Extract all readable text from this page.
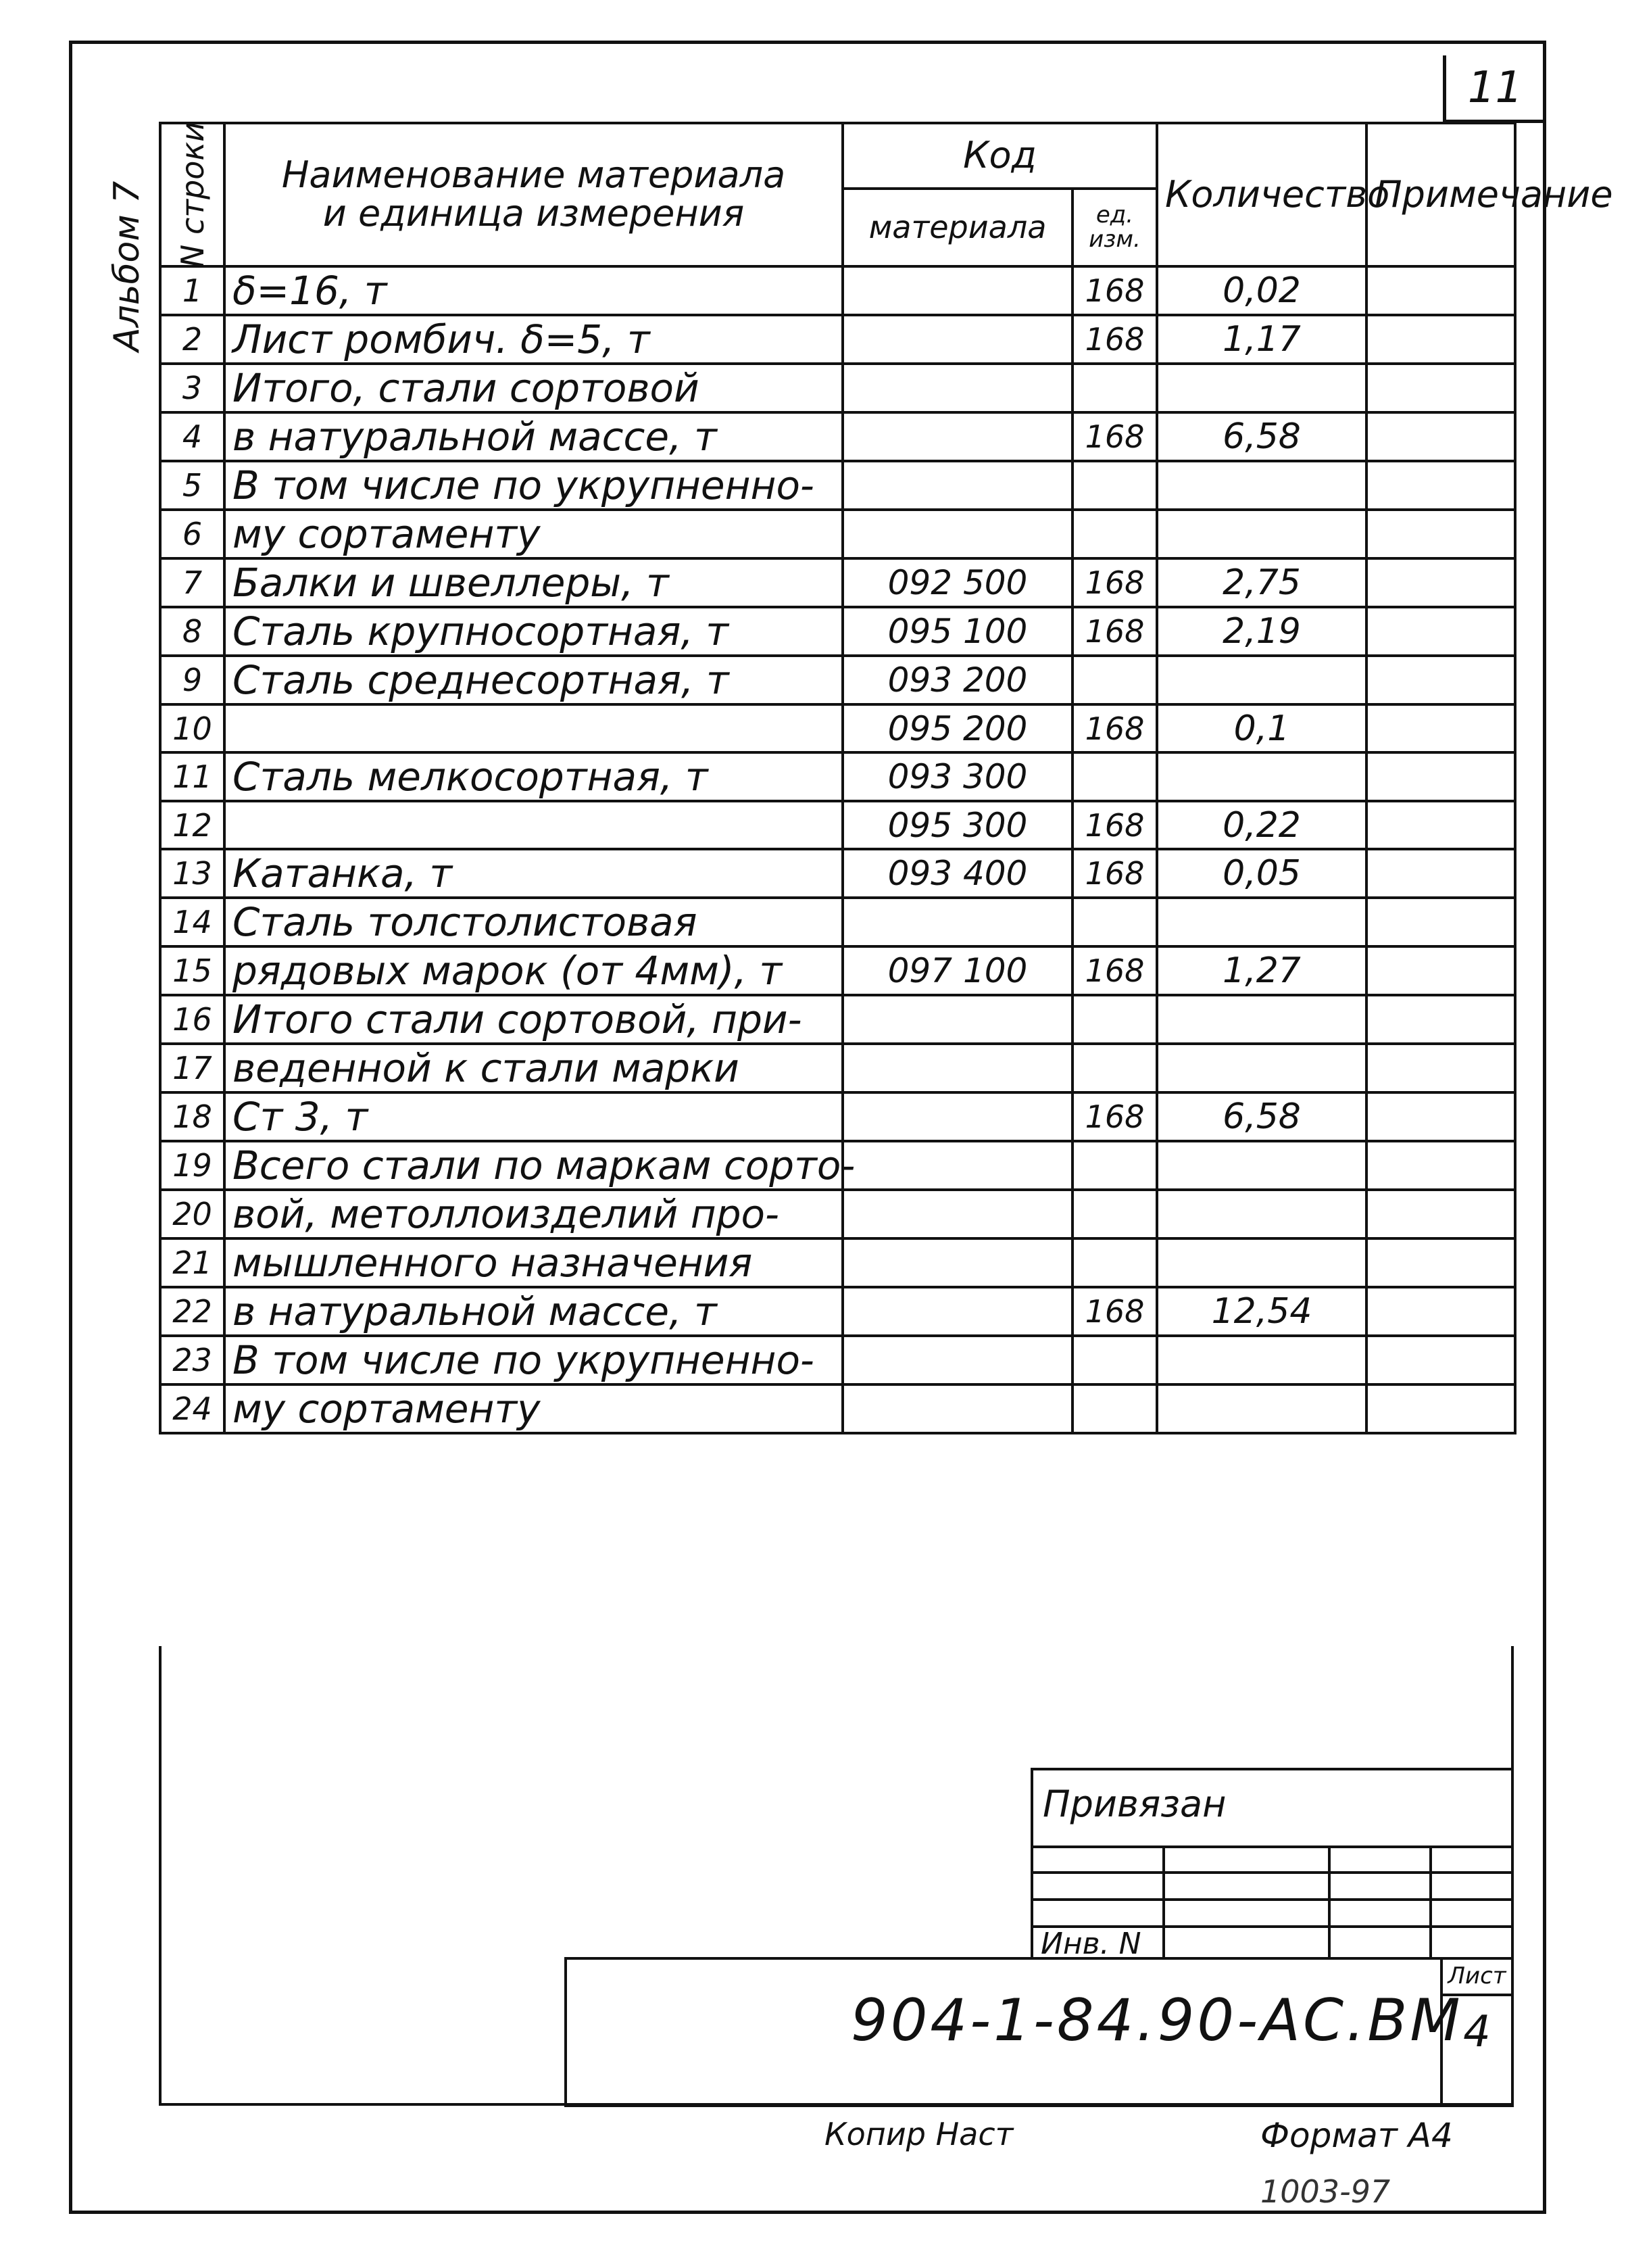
11
Альбом 7 N строки	Наименование материала
и единица измерения	Код		Количество	Примечание
		материала	ед. изм.		
1	δ=16, т		168	0,02	
2	Лист ромбич. δ=5, т		168	1,17	
3	Итого, стали сортовой				
4	в натуральной массе, т		168	6,58	
5	В том числе по укрупненно-				
6	му сортаменту				
7	Балки и швеллеры, т	092 500	168	2,75	
8	Сталь крупносортная, т	095 100	168	2,19	
9	Сталь среднесортная, т	093 200			
10		095 200	168	0,1	
11	Сталь мелкосортная, т	093 300			
12		095 300	168	0,22	
13	Катанка, т	093 400	168	0,05	
14	Сталь толстолистовая				
15	рядовых марок (от 4мм), т	097 100	168	1,27	
16	Итого стали сортовой, при-				
17	веденной к стали марки				
18	Ст 3, т		168	6,58	
19	Всего стали по маркам сорто-				
20	вой, метоллоизделий про-				
21	мышленного назначения				
22	в натуральной массе, т		168	12,54	
23	В том числе по укрупненно-				
24	му сортаменту				
Привязан
Инв. N
904-1-84.90-АС.ВМ
Лист
4
Копир Наст	Формат А4
1003-97
